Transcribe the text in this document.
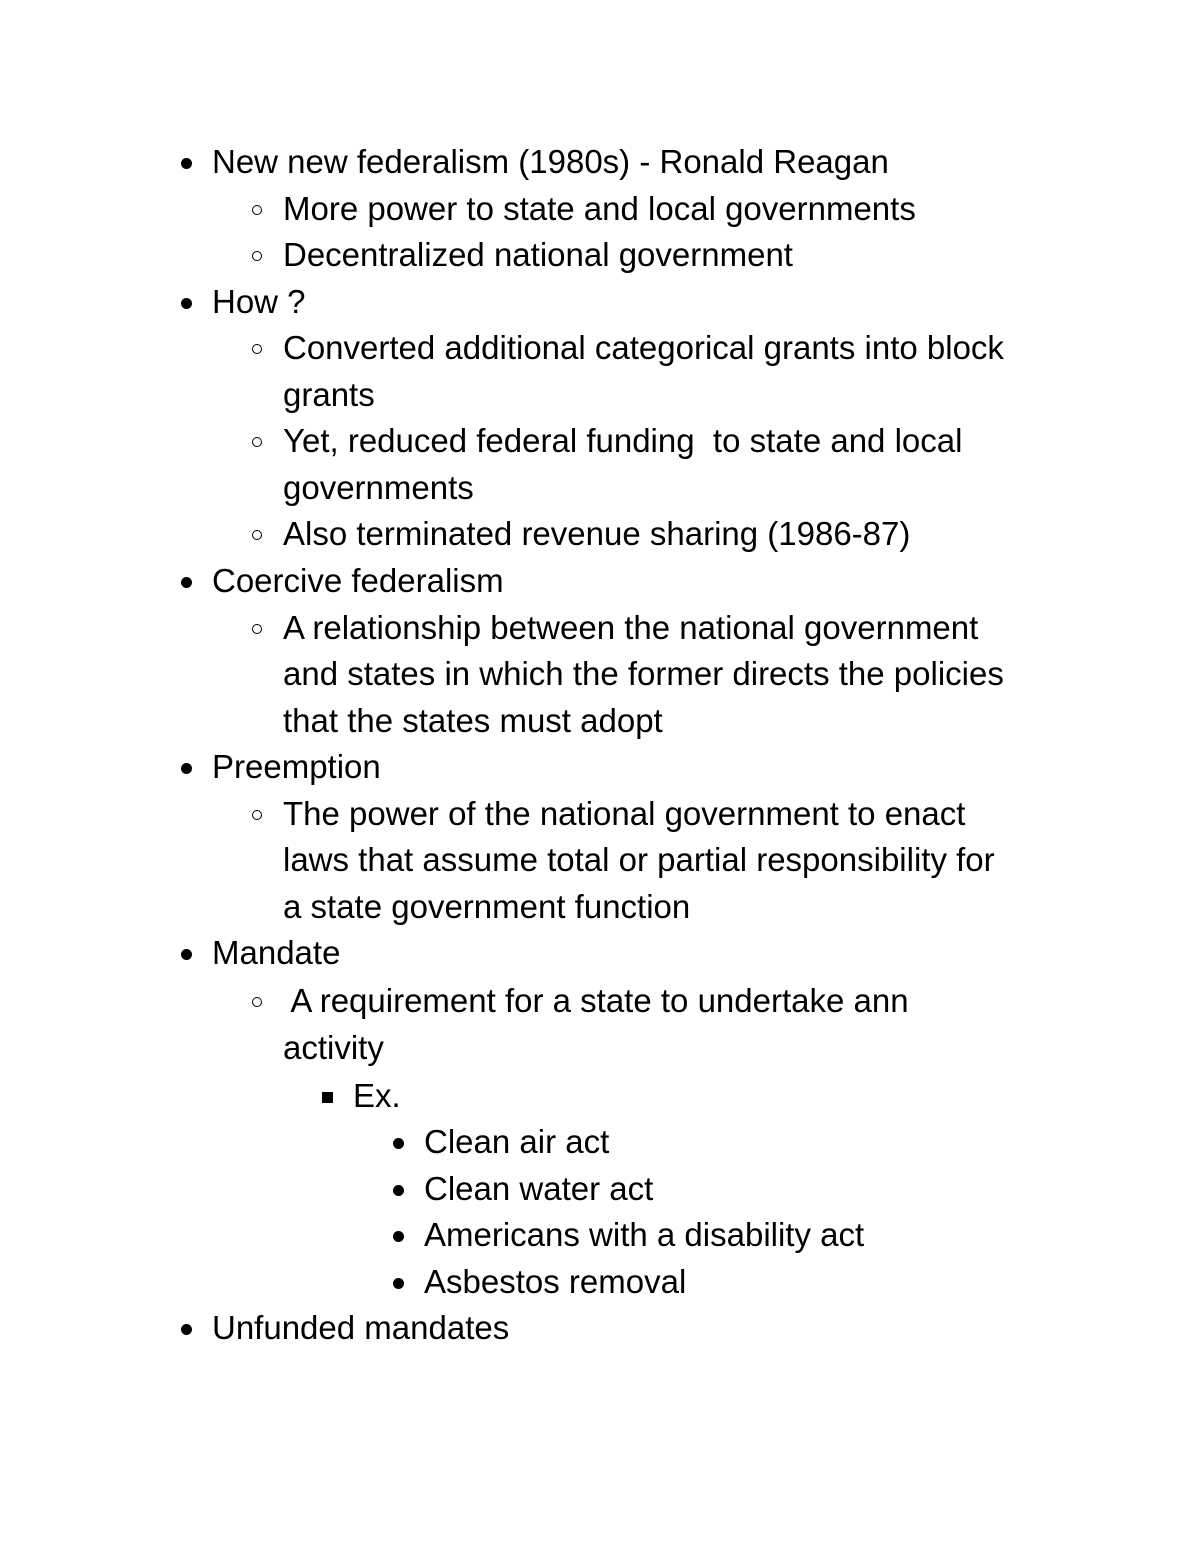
New new federalism (1980s) - Ronald Reagan
More power to state and local governments
Decentralized national government
How ?
Converted additional categorical grants into block
grants
Yet, reduced federal funding  to state and local
governments
Also terminated revenue sharing (1986-87)
Coercive federalism
A relationship between the national government
and states in which the former directs the policies
that the states must adopt
Preemption
The power of the national government to enact
laws that assume total or partial responsibility for
a state government function
Mandate
A requirement for a state to undertake ann
activity
Ex.
Clean air act
Clean water act
Americans with a disability act
Asbestos removal
Unfunded mandates
